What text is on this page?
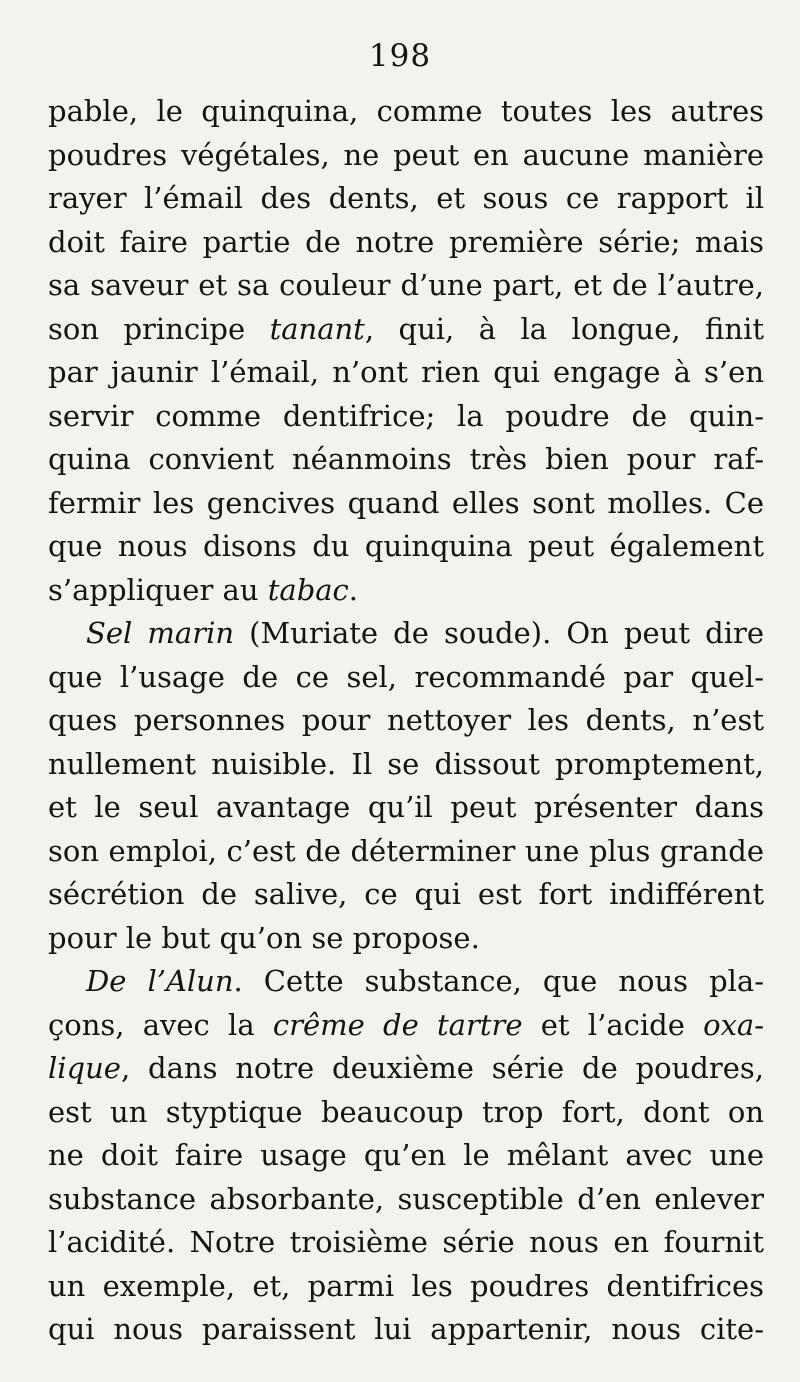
198
pable, le quinquina, comme toutes les autres
poudres végétales, ne peut en aucune manière
rayer l’émail des dents, et sous ce rapport il
doit faire partie de notre première série; mais
sa saveur et sa couleur d’une part, et de l’autre,
son principe tanant, qui, à la longue, finit
par jaunir l’émail, n’ont rien qui engage à s’en
servir comme dentifrice; la poudre de quin-
quina convient néanmoins très bien pour raf-
fermir les gencives quand elles sont molles. Ce
que nous disons du quinquina peut également
s’appliquer au tabac.
Sel marin (Muriate de soude). On peut dire
que l’usage de ce sel, recommandé par quel-
ques personnes pour nettoyer les dents, n’est
nullement nuisible. Il se dissout promptement,
et le seul avantage qu’il peut présenter dans
son emploi, c’est de déterminer une plus grande
sécrétion de salive, ce qui est fort indifférent
pour le but qu’on se propose.
De l’Alun. Cette substance, que nous pla-
çons, avec la crême de tartre et l’acide oxa-
lique, dans notre deuxième série de poudres,
est un styptique beaucoup trop fort, dont on
ne doit faire usage qu’en le mêlant avec une
substance absorbante, susceptible d’en enlever
l’acidité. Notre troisième série nous en fournit
un exemple, et, parmi les poudres dentifrices
qui nous paraissent lui appartenir, nous cite-
